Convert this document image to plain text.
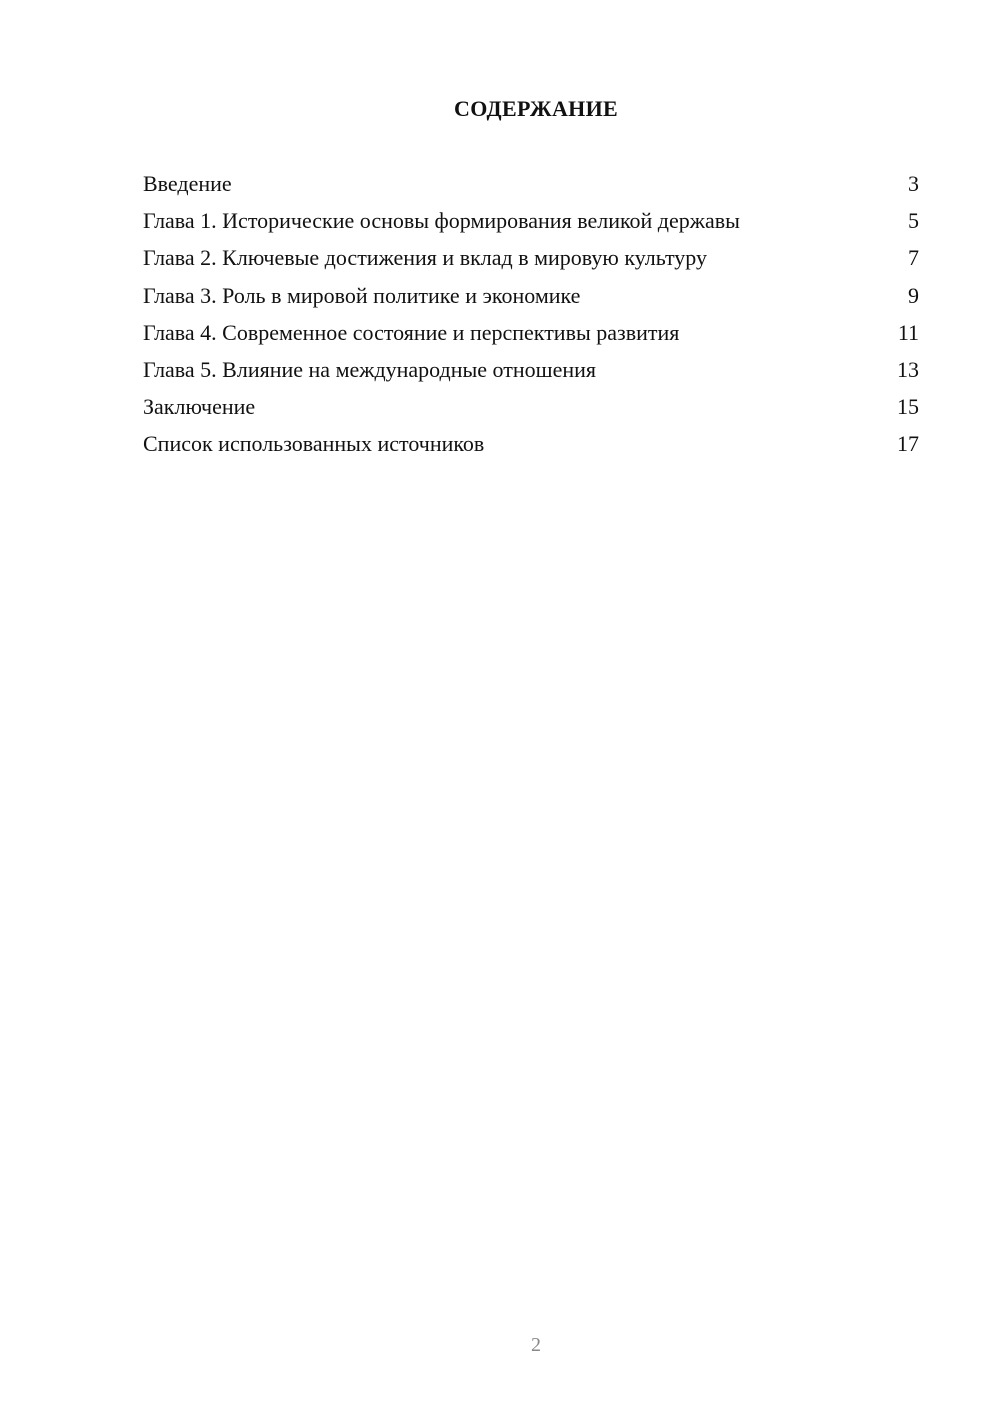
СОДЕРЖАНИЕ
Введение	3
Глава 1. Исторические основы формирования великой державы	5
Глава 2. Ключевые достижения и вклад в мировую культуру	7
Глава 3. Роль в мировой политике и экономике	9
Глава 4. Современное состояние и перспективы развития	11
Глава 5. Влияние на международные отношения	13
Заключение	15
Список использованных источников	17
2
